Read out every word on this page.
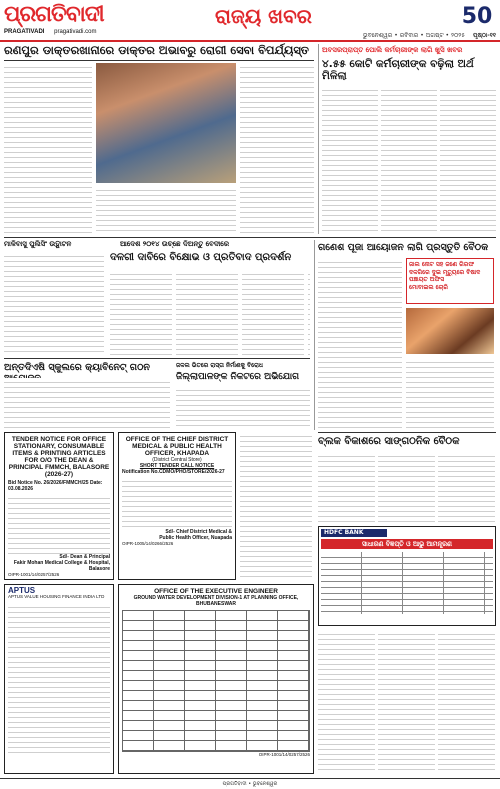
ପ୍ରଗତିବାଦୀ
PRAGATIVADI pragativadi.com
ରାଜ୍ୟ ଖବର	50
ଭୁବନେଶ୍ୱର • ରବିବାର • ଅଗଷ୍ଟ • ୨୦୨୫ ପୃଷ୍ଠା-୧୧
ରଣପୁର ଡାକ୍ତରଖାନାରେ ଡାକ୍ତର ଅଭାବରୁ ରୋଗୀ ସେବା ବିପର୍ଯ୍ୟସ୍ତ	ଅବସରପ୍ରାପ୍ତ ପୋଲି କର୍ମଚାରୀଙ୍କ ଲାଗି ଖୁସି ଖବର
୪.୫୫ କୋଟି କର୍ମଚାରୀଙ୍କ ବଢ଼ିଲା ଅର୍ଥ ମିଳିଲା
ମାଳିବାସୁ ପୁଲିସିଂ ଉଦ୍ଘାଟନ	ଆଦେଶ ୨୦୧୪ ଉଚ୍ଛେ ଦିଅନ୍ତୁ ବେଦୀରେ
ଦଳଗୀ ଦାବିରେ ବିକ୍ଷୋଭ ଓ ପ୍ରତିବାଦ ପ୍ରଦର୍ଶନ
ଗଣେଶ ପୂଜା ଆୟୋଜନ ଲାଗି ପ୍ରସ୍ତୁତି ବୈଠକ
ଜାଲ ନୋଟ ସହ ଜଣେ ଗିରଫ
ଦଳଗିରେ ଦୁଇ ମୃତ୍ୟୁରେ ବିଷାଦ
ପଞ୍ଚାୟତ ଅଫିସ
ମୋବାଇଲ ଚୋରି
ଅନ୍ତଦିଏଷି ସ୍କୁଲରେ କ୍ୟାବିନେଟ୍ ଗଠନ	ଜଳଲ ଭିତରେ ରାସ୍ତା ନିର୍ମାଣକୁ ବିରୋଧ
ଜିଲ୍ଲାପାଳଙ୍କ ନିକଟରେ ଅଭିଯୋଗ
TENDER NOTICE FOR OFFICE STATIONARY, CONSUMABLE ITEMS & PRINTING ARTICLES FOR O/O THE DEAN & PRINCIPAL FMMCH, BALASORE (2026-27)
Bid Notice No. 26/2026/FMMCH/25 Date: 03.08.2026
Sd/- Dean & Principal
Fakir Mohan Medical College & Hospital, Balasore
OIPR-1001/14/0257/2526
OFFICE OF THE CHIEF DISTRICT MEDICAL & PUBLIC HEALTH OFFICER, KHAPADA
(District Central Store)
SHORT TENDER CALL NOTICE
Notification No.CDMO/PHO/STORE/2026-27
Sd/- Chief District Medical &
Public Health Officer, Nuapada
OIPR-1005/14/0266/2526
ବ୍ଲକ ବିକାଶରେ ସାଙ୍ଗଠନିକ ବୈଠକ
HDFC BANK
ସାଧାରଣ ବିଜ୍ଞପ୍ତି ଓ ଆଭୁ ଆମନ୍ତ୍ରଣ
APTUS
APTUS VALUE HOUSING FINANCE INDIA LTD
OFFICE OF THE EXECUTIVE ENGINEER
GROUND WATER DEVELOPMENT DIVISION-1 AT PLANNING OFFICE, BHUBANESWAR
OIPR-1001/14/0257/2526
ପ୍ରଗତିବାଦୀ • ଭୁବନେଶ୍ୱର
